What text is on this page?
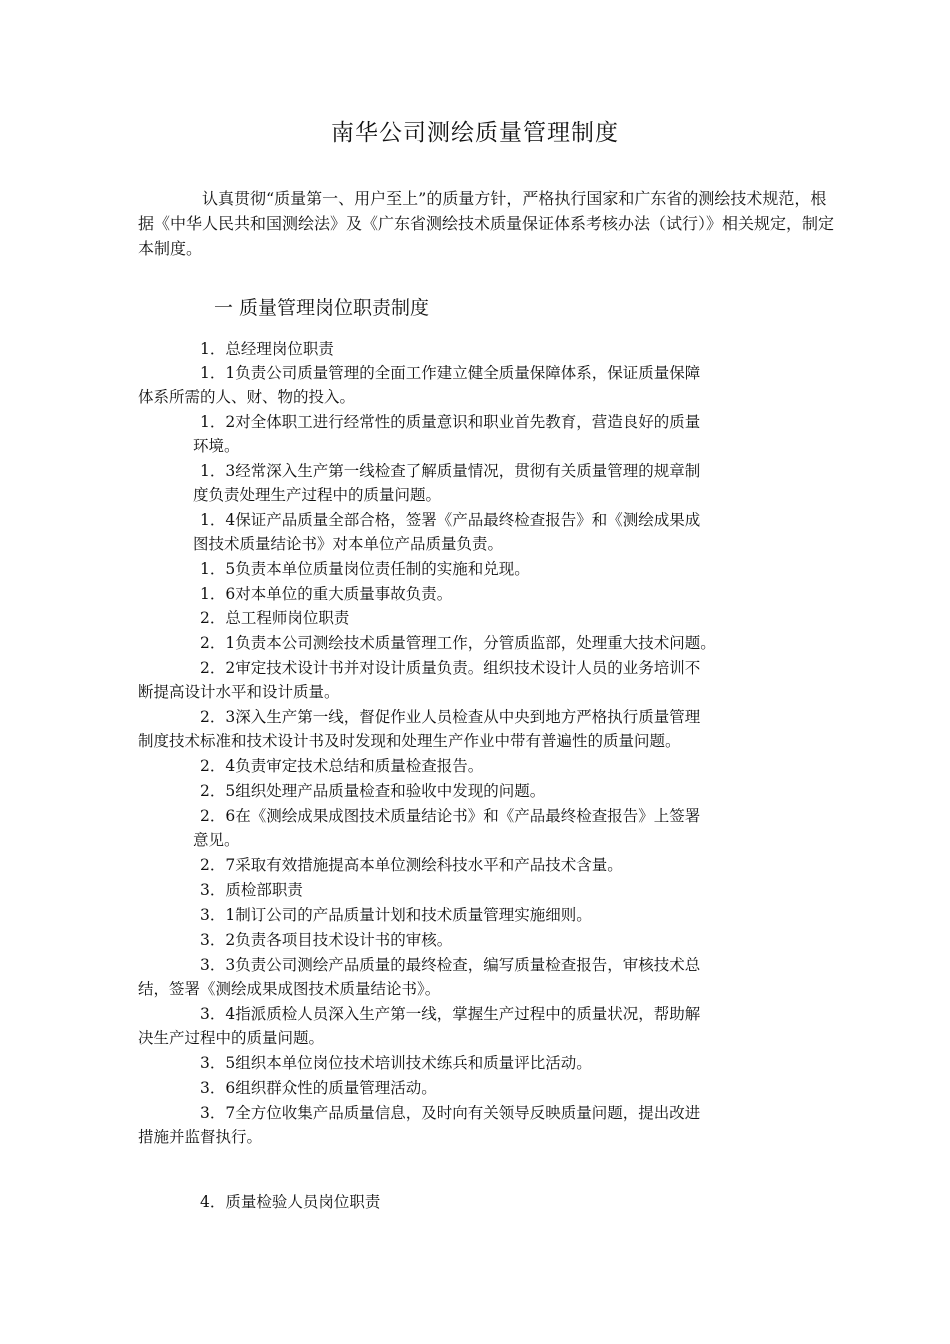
南华公司测绘质量管理制度

认真贯彻“质量第一、用户至上”的质量方针，严格执行国家和广东省的测绘技术规范，根据《中华人民共和国测绘法》及《广东省测绘技术质量保证体系考核办法（试行）》相关规定，制定本制度。

一 质量管理岗位职责制度
1．总经理岗位职责
1．1负责公司质量管理的全面工作建立健全质量保障体系，保证质量保障
体系所需的人、财、物的投入。
1．2对全体职工进行经常性的质量意识和职业首先教育，营造良好的质量
环境。
1．3经常深入生产第一线检查了解质量情况，贯彻有关质量管理的规章制
度负责处理生产过程中的质量问题。
1．4保证产品质量全部合格，签署《产品最终检查报告》和《测绘成果成
图技术质量结论书》对本单位产品质量负责。
1．5负责本单位质量岗位责任制的实施和兑现。
1．6对本单位的重大质量事故负责。
2．总工程师岗位职责
2．1负责本公司测绘技术质量管理工作，分管质监部，处理重大技术问题。
2．2审定技术设计书并对设计质量负责。组织技术设计人员的业务培训不
断提高设计水平和设计质量。
2．3深入生产第一线，督促作业人员检查从中央到地方严格执行质量管理
制度技术标准和技术设计书及时发现和处理生产作业中带有普遍性的质量问题。
2．4负责审定技术总结和质量检查报告。
2．5组织处理产品质量检查和验收中发现的问题。
2．6在《测绘成果成图技术质量结论书》和《产品最终检查报告》上签署
意见。
2．7采取有效措施提高本单位测绘科技水平和产品技术含量。
3．质检部职责
3．1制订公司的产品质量计划和技术质量管理实施细则。
3．2负责各项目技术设计书的审核。
3．3负责公司测绘产品质量的最终检查，编写质量检查报告，审核技术总
结，签署《测绘成果成图技术质量结论书》。
3．4指派质检人员深入生产第一线，掌握生产过程中的质量状况，帮助解
决生产过程中的质量问题。
3．5组织本单位岗位技术培训技术练兵和质量评比活动。
3．6组织群众性的质量管理活动。
3．7全方位收集产品质量信息，及时向有关领导反映质量问题，提出改进
措施并监督执行。
4．质量检验人员岗位职责
